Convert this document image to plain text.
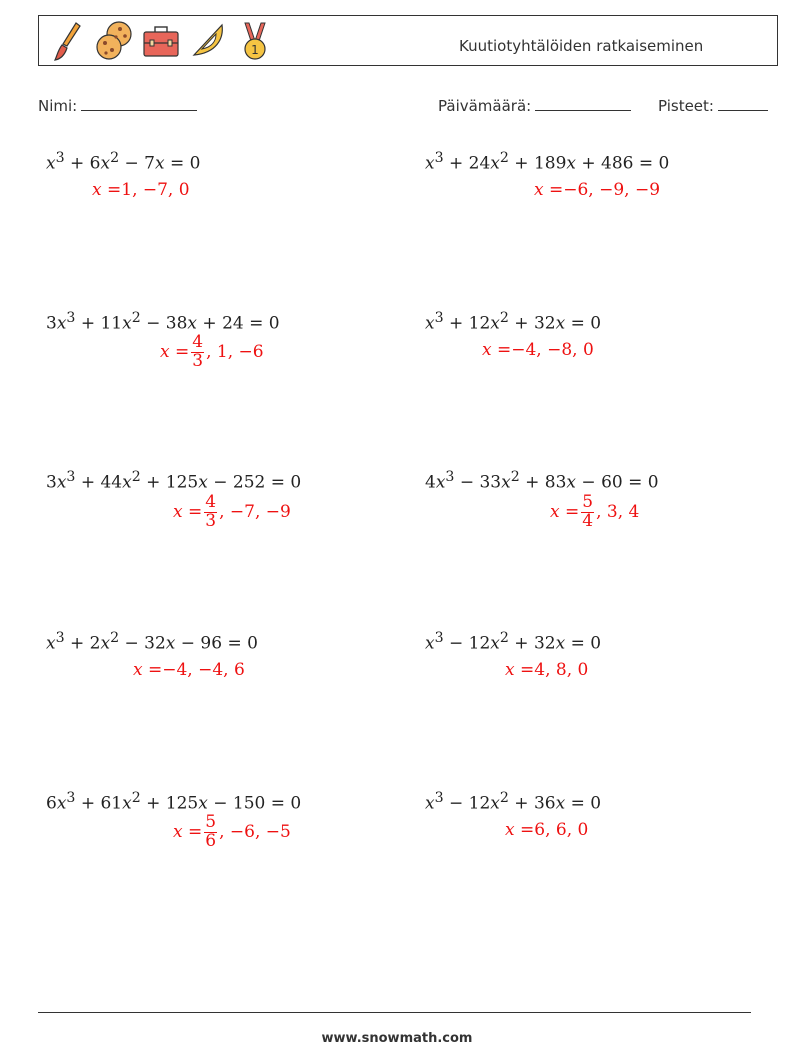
1	Kuutiotyhtälöiden ratkaiseminen
Nimi:	Päivämäärä:	Pisteet:
$x^3 + 6x^2 - 7x = 0$
x = 1, −7, 0
$x^3 + 24x^2 + 189x + 486 = 0$
x = −6, −9, −9
$3x^3 + 11x^2 - 38x + 24 = 0$
$x = \frac{4}{3}$ , 1, −6
$x^3 + 12x^2 + 32x = 0$
x = −4, −8, 0
$3x^3 + 44x^2 + 125x - 252 = 0$
$x = \frac{4}{3}$ , −7, −9
$4x^3 - 33x^2 + 83x - 60 = 0$
$x = \frac{5}{4}$ , 3, 4
$x^3 + 2x^2 - 32x - 96 = 0$
x = −4, −4, 6
$x^3 - 12x^2 + 32x = 0$
x = 4, 8, 0
$6x^3 + 61x^2 + 125x - 150 = 0$
$x = \frac{5}{6}$ , −6, −5
$x^3 - 12x^2 + 36x = 0$
x = 6, 6, 0
www.snowmath.com
